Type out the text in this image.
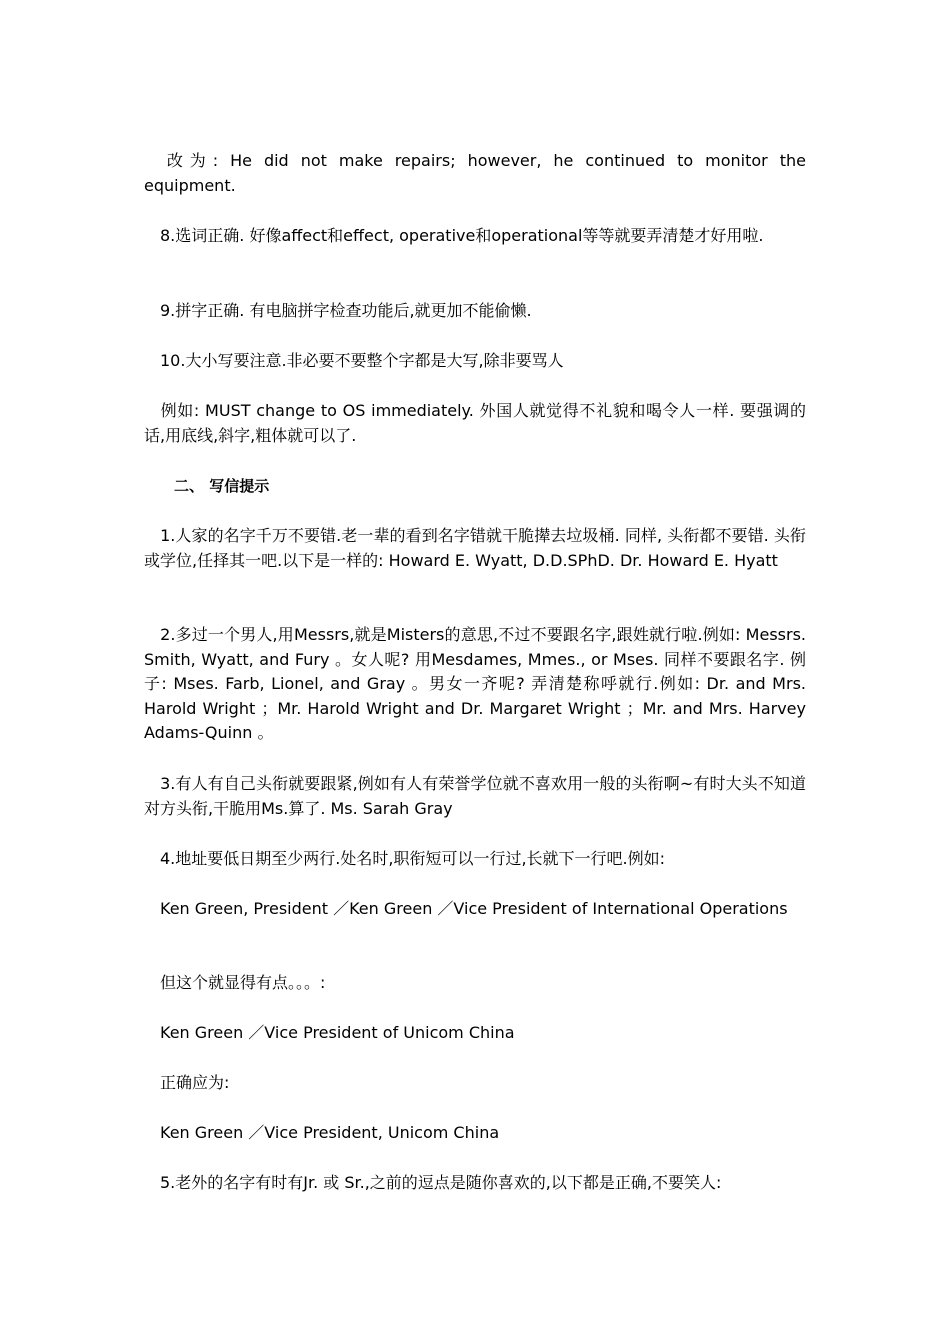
　改为: He did not make repairs; however, he continued to monitor the equipment.

　8.选词正确. 好像affect和effect, operative和operational等等就要弄清楚才好用啦.

　9.拼字正确. 有电脑拼字检查功能后,就更加不能偷懒.

　10.大小写要注意.非必要不要整个字都是大写,除非要骂人

　例如: MUST change to OS immediately. 外国人就觉得不礼貌和喝令人一样. 要强调的话,用底线,斜字,粗体就可以了.

　　二、 写信提示

　1.人家的名字千万不要错.老一辈的看到名字错就干脆撵去垃圾桶. 同样, 头衔都不要错. 头衔或学位,任择其一吧.以下是一样的: Howard E. Wyatt, D.D.SPhD. Dr. Howard E. Hyatt

　2.多过一个男人,用Messrs,就是Misters的意思,不过不要跟名字,跟姓就行啦.例如: Messrs. Smith, Wyatt, and Fury 。女人呢? 用Mesdames, Mmes., or Mses. 同样不要跟名字. 例子: Mses. Farb, Lionel, and Gray 。男女一齐呢? 弄清楚称呼就行.例如: Dr. and Mrs. Harold Wright ；Mr. Harold Wright and Dr. Margaret Wright ；Mr. and Mrs. Harvey Adams-Quinn 。

　3.有人有自己头衔就要跟紧,例如有人有荣誉学位就不喜欢用一般的头衔啊~有时大头不知道对方头衔,干脆用Ms.算了. Ms. Sarah Gray

　4.地址要低日期至少两行.处名时,职衔短可以一行过,长就下一行吧.例如:

　Ken Green, President ／Ken Green ／Vice President of International Operations

　但这个就显得有点。。。:

　Ken Green ／Vice President of Unicom China

　正确应为:

　Ken Green ／Vice President, Unicom China

　5.老外的名字有时有Jr. 或 Sr.,之前的逗点是随你喜欢的,以下都是正确,不要笑人:
